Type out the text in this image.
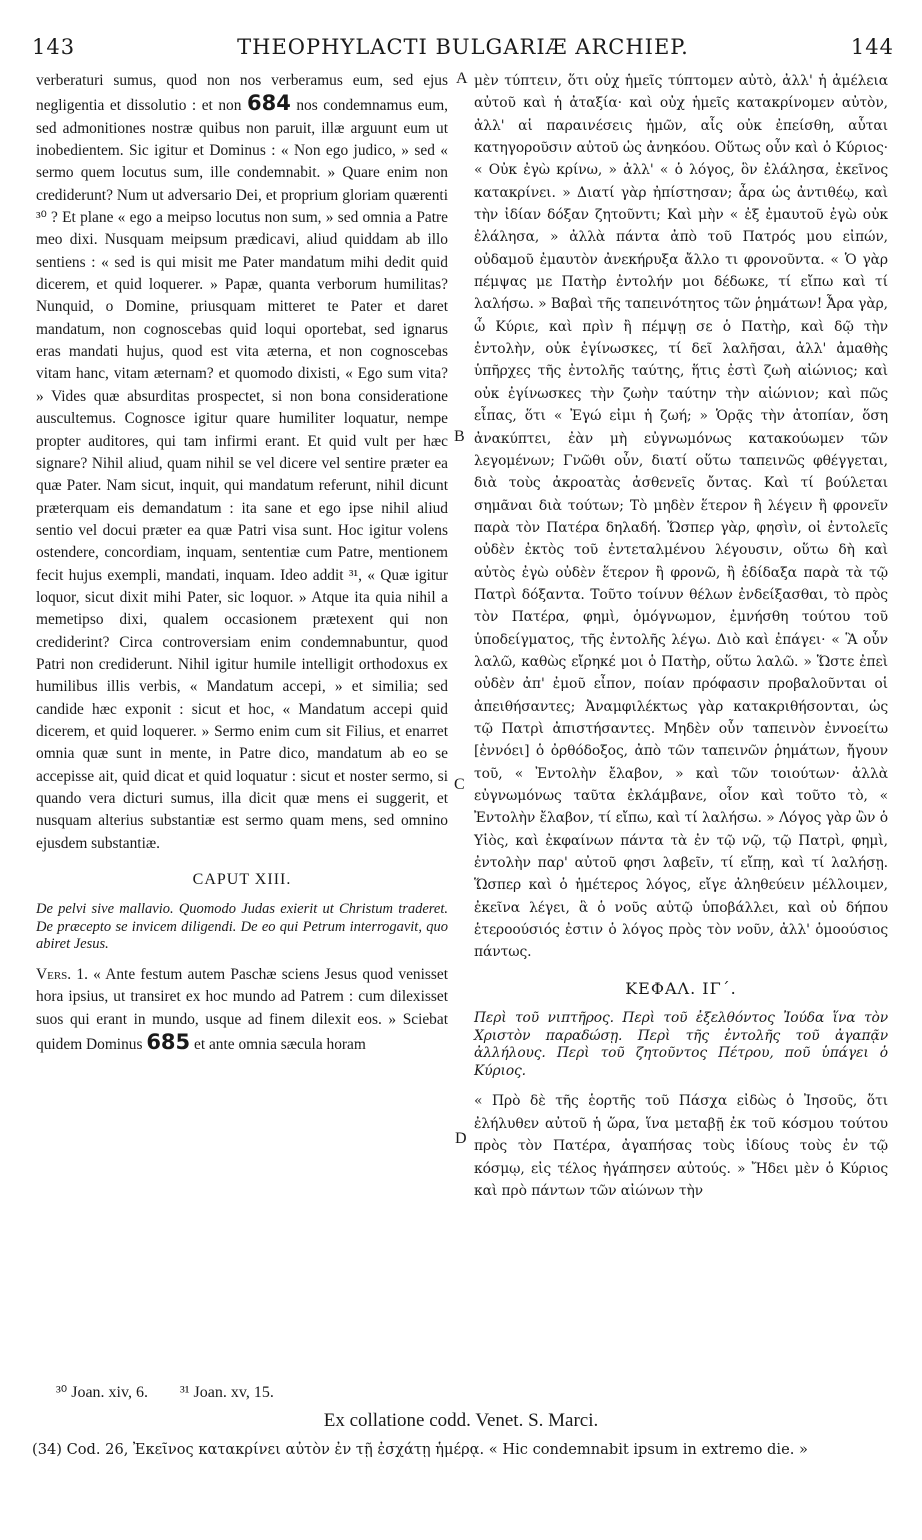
143	THEOPHYLACTI BULGARIÆ ARCHIEP.	144
A
B
C
D

verberaturi sumus, quod non nos verberamus eum, sed ejus negligentia et dissolutio : et non 684 nos condemnamus eum, sed admonitiones nostræ quibus non paruit, illæ arguunt eum ut inobedientem. Sic igitur et Dominus : « Non ego judico, » sed « sermo quem locutus sum, ille condemnabit. » Quare enim non crediderunt? Num ut adversario Dei, et proprium gloriam quærenti ³⁰ ? Et plane « ego a meipso locutus non sum, » sed omnia a Patre meo dixi. Nusquam meipsum prædicavi, aliud quiddam ab illo sentiens : « sed is qui misit me Pater mandatum mihi dedit quid dicerem, et quid loquerer. » Papæ, quanta verborum humilitas? Nunquid, o Domine, priusquam mitteret te Pater et daret mandatum, non cognoscebas quid loqui oportebat, sed ignarus eras mandati hujus, quod est vita æterna, et non cognoscebas vitam hanc, vitam æternam? et quomodo dixisti, « Ego sum vita? » Vides quæ absurditas prospectet, si non bona consideratione auscultemus. Cognosce igitur quare humiliter loquatur, nempe propter auditores, qui tam infirmi erant. Et quid vult per hæc signare? Nihil aliud, quam nihil se vel dicere vel sentire præter ea quæ Pater. Nam sicut, inquit, qui mandatum referunt, nihil dicunt præterquam eis demandatum : ita sane et ego ipse nihil aliud sentio vel docui præter ea quæ Patri visa sunt. Hoc igitur volens ostendere, concordiam, inquam, sententiæ cum Patre, mentionem fecit hujus exempli, mandati, inquam. Ideo addit ³¹, « Quæ igitur loquor, sicut dixit mihi Pater, sic loquor. » Atque ita quia nihil a memetipso dixi, qualem occasionem prætexent qui non crediderint? Circa controversiam enim condemnabuntur, quod Patri non crediderunt. Nihil igitur humile intelligit orthodoxus ex humilibus illis verbis, « Mandatum accepi, » et similia; sed candide hæc exponit : sicut et hoc, « Mandatum accepi quid dicerem, et quid loquerer. » Sermo enim cum sit Filius, et enarret omnia quæ sunt in mente, in Patre dico, mandatum ab eo se accepisse ait, quid dicat et quid loquatur : sicut et noster sermo, si quando vera dicturi sumus, illa dicit quæ mens ei suggerit, et nusquam alterius substantiæ est sermo quam mens, sed omnino ejusdem substantiæ.

CAPUT XIII.
De pelvi sive mallavio. Quomodo Judas exierit ut Christum traderet. De præcepto se invicem diligendi. De eo qui Petrum interrogavit, quo abiret Jesus.

Vers. 1. « Ante festum autem Paschæ sciens Jesus quod venisset hora ipsius, ut transiret ex hoc mundo ad Patrem : cum dilexisset suos qui erant in mundo, usque ad finem dilexit eos. » Sciebat quidem Dominus 685 et ante omnia sæcula horam

μὲν τύπτειν, ὅτι οὐχ ἡμεῖς τύπτομεν αὐτὸ, ἀλλ' ἡ ἀμέλεια αὐτοῦ καὶ ἡ ἀταξία· καὶ οὐχ ἡμεῖς κατακρίνομεν αὐτὸν, ἀλλ' αἱ παραινέσεις ἡμῶν, αἷς οὐκ ἐπείσθη, αὗται κατηγοροῦσιν αὐτοῦ ὡς ἀνηκόου. Οὕτως οὖν καὶ ὁ Κύριος· « Οὐκ ἐγὼ κρίνω, » ἀλλ' « ὁ λόγος, ὃν ἐλάλησα, ἐκεῖνος κατακρίνει. » Διατί γὰρ ἠπίστησαν; ἆρα ὡς ἀντιθέῳ, καὶ τὴν ἰδίαν δόξαν ζητοῦντι; Καὶ μὴν « ἐξ ἐμαυτοῦ ἐγὼ οὐκ ἐλάλησα, » ἀλλὰ πάντα ἀπὸ τοῦ Πατρός μου εἰπών, οὐδαμοῦ ἐμαυτὸν ἀνεκήρυξα ἄλλο τι φρονοῦντα. « Ὁ γὰρ πέμψας με Πατὴρ ἐντολήν μοι δέδωκε, τί εἴπω καὶ τί λαλήσω. » Βαβαὶ τῆς ταπεινότητος τῶν ῥημάτων! Ἆρα γὰρ, ὦ Κύριε, καὶ πρὶν ἢ πέμψῃ σε ὁ Πατὴρ, καὶ δῷ τὴν ἐντολὴν, οὐκ ἐγίνωσκες, τί δεῖ λαλῆσαι, ἀλλ' ἀμαθὴς ὑπῆρχες τῆς ἐντολῆς ταύτης, ἥτις ἐστὶ ζωὴ αἰώνιος; καὶ οὐκ ἐγίνωσκες τὴν ζωὴν ταύτην τὴν αἰώνιον; καὶ πῶς εἶπας, ὅτι « Ἐγώ εἰμι ἡ ζωή; » Ὁρᾷς τὴν ἀτοπίαν, ὅση ἀνακύπτει, ἐὰν μὴ εὐγνωμόνως κατακούωμεν τῶν λεγομένων; Γνῶθι οὖν, διατί οὕτω ταπεινῶς φθέγγεται, διὰ τοὺς ἀκροατὰς ἀσθενεῖς ὄντας. Καὶ τί βούλεται σημᾶναι διὰ τούτων; Τὸ μηδὲν ἕτερον ἢ λέγειν ἢ φρονεῖν παρὰ τὸν Πατέρα δηλαδή. Ὥσπερ γὰρ, φησὶν, οἱ ἐντολεῖς οὐδὲν ἐκτὸς τοῦ ἐντεταλμένου λέγουσιν, οὕτω δὴ καὶ αὐτὸς ἐγὼ οὐδὲν ἕτερον ἢ φρονῶ, ἢ ἐδίδαξα παρὰ τὰ τῷ Πατρὶ δόξαντα. Τοῦτο τοίνυν θέλων ἐνδείξασθαι, τὸ πρὸς τὸν Πατέρα, φημὶ, ὁμόγνωμον, ἐμνήσθη τούτου τοῦ ὑποδείγματος, τῆς ἐντολῆς λέγω. Διὸ καὶ ἐπάγει· « Ἃ οὖν λαλῶ, καθὼς εἴρηκέ μοι ὁ Πατὴρ, οὕτω λαλῶ. » Ὥστε ἐπεὶ οὐδὲν ἀπ' ἐμοῦ εἶπον, ποίαν πρόφασιν προβαλοῦνται οἱ ἀπειθήσαντες; Ἀναμφιλέκτως γὰρ κατακριθήσονται, ὡς τῷ Πατρὶ ἀπιστήσαντες. Μηδὲν οὖν ταπεινὸν ἐννοείτω [ἐννόει] ὁ ὀρθόδοξος, ἀπὸ τῶν ταπεινῶν ῥημάτων, ἤγουν τοῦ, « Ἐντολὴν ἔλαβον, » καὶ τῶν τοιούτων· ἀλλὰ εὐγνωμόνως ταῦτα ἐκλάμβανε, οἷον καὶ τοῦτο τὸ, « Ἐντολὴν ἔλαβον, τί εἴπω, καὶ τί λαλήσω. » Λόγος γὰρ ὢν ὁ Υἱὸς, καὶ ἐκφαίνων πάντα τὰ ἐν τῷ νῷ, τῷ Πατρὶ, φημὶ, ἐντολὴν παρ' αὐτοῦ φησι λαβεῖν, τί εἴπῃ, καὶ τί λαλήσῃ. Ὥσπερ καὶ ὁ ἡμέτερος λόγος, εἴγε ἀληθεύειν μέλλοιμεν, ἐκεῖνα λέγει, ἃ ὁ νοῦς αὐτῷ ὑποβάλλει, καὶ οὐ δήπου ἑτεροούσιός ἐστιν ὁ λόγος πρὸς τὸν νοῦν, ἀλλ' ὁμοούσιος πάντως.

ΚΕΦΑΛ. ΙΓ΄.
Περὶ τοῦ νιπτῆρος. Περὶ τοῦ ἐξελθόντος Ἰούδα ἵνα τὸν Χριστὸν παραδώσῃ. Περὶ τῆς ἐντολῆς τοῦ ἀγαπᾷν ἀλλήλους. Περὶ τοῦ ζητοῦντος Πέτρου, ποῦ ὑπάγει ὁ Κύριος.

« Πρὸ δὲ τῆς ἑορτῆς τοῦ Πάσχα εἰδὼς ὁ Ἰησοῦς, ὅτι ἐλήλυθεν αὐτοῦ ἡ ὥρα, ἵνα μεταβῇ ἐκ τοῦ κόσμου τούτου πρὸς τὸν Πατέρα, ἀγαπήσας τοὺς ἰδίους τοὺς ἐν τῷ κόσμῳ, εἰς τέλος ἠγάπησεν αὐτούς. » Ἤδει μὲν ὁ Κύριος καὶ πρὸ πάντων τῶν αἰώνων τὴν

³⁰ Joan. xiv, 6. ³¹ Joan. xv, 15.
Ex collatione codd. Venet. S. Marci.
(34) Cod. 26, Ἐκεῖνος κατακρίνει αὐτὸν ἐν τῇ ἐσχάτῃ ἡμέρᾳ. « Hic condemnabit ipsum in extremo die. »
